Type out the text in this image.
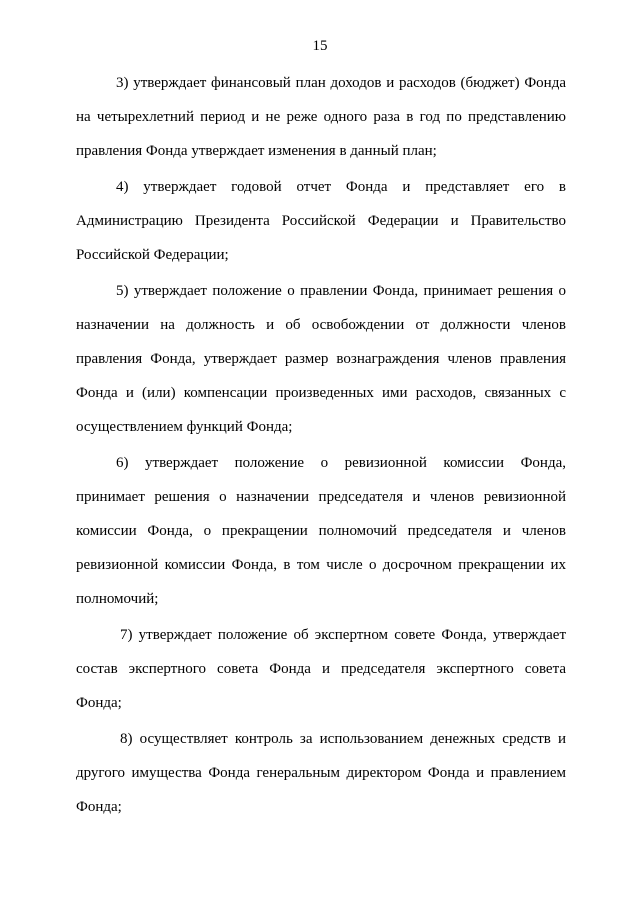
15
3) утверждает финансовый план доходов и расходов (бюджет) Фонда
на четырехлетний период и не реже одного раза в год по представлению
правления Фонда утверждает изменения в данный план;
4) утверждает годовой отчет Фонда и представляет его в
Администрацию Президента Российской Федерации и Правительство
Российской Федерации;
5) утверждает положение о правлении Фонда, принимает решения о
назначении на должность и об освобождении от должности членов
правления Фонда, утверждает размер вознаграждения членов правления
Фонда и (или) компенсации произведенных ими расходов, связанных с
осуществлением функций Фонда;
6) утверждает положение о ревизионной комиссии Фонда,
принимает решения о назначении председателя и членов ревизионной
комиссии Фонда, о прекращении полномочий председателя и членов
ревизионной комиссии Фонда, в том числе о досрочном прекращении их
полномочий;
7) утверждает положение об экспертном совете Фонда, утверждает
состав экспертного совета Фонда и председателя экспертного совета
Фонда;
8) осуществляет контроль за использованием денежных средств и
другого имущества Фонда генеральным директором Фонда и правлением
Фонда;
